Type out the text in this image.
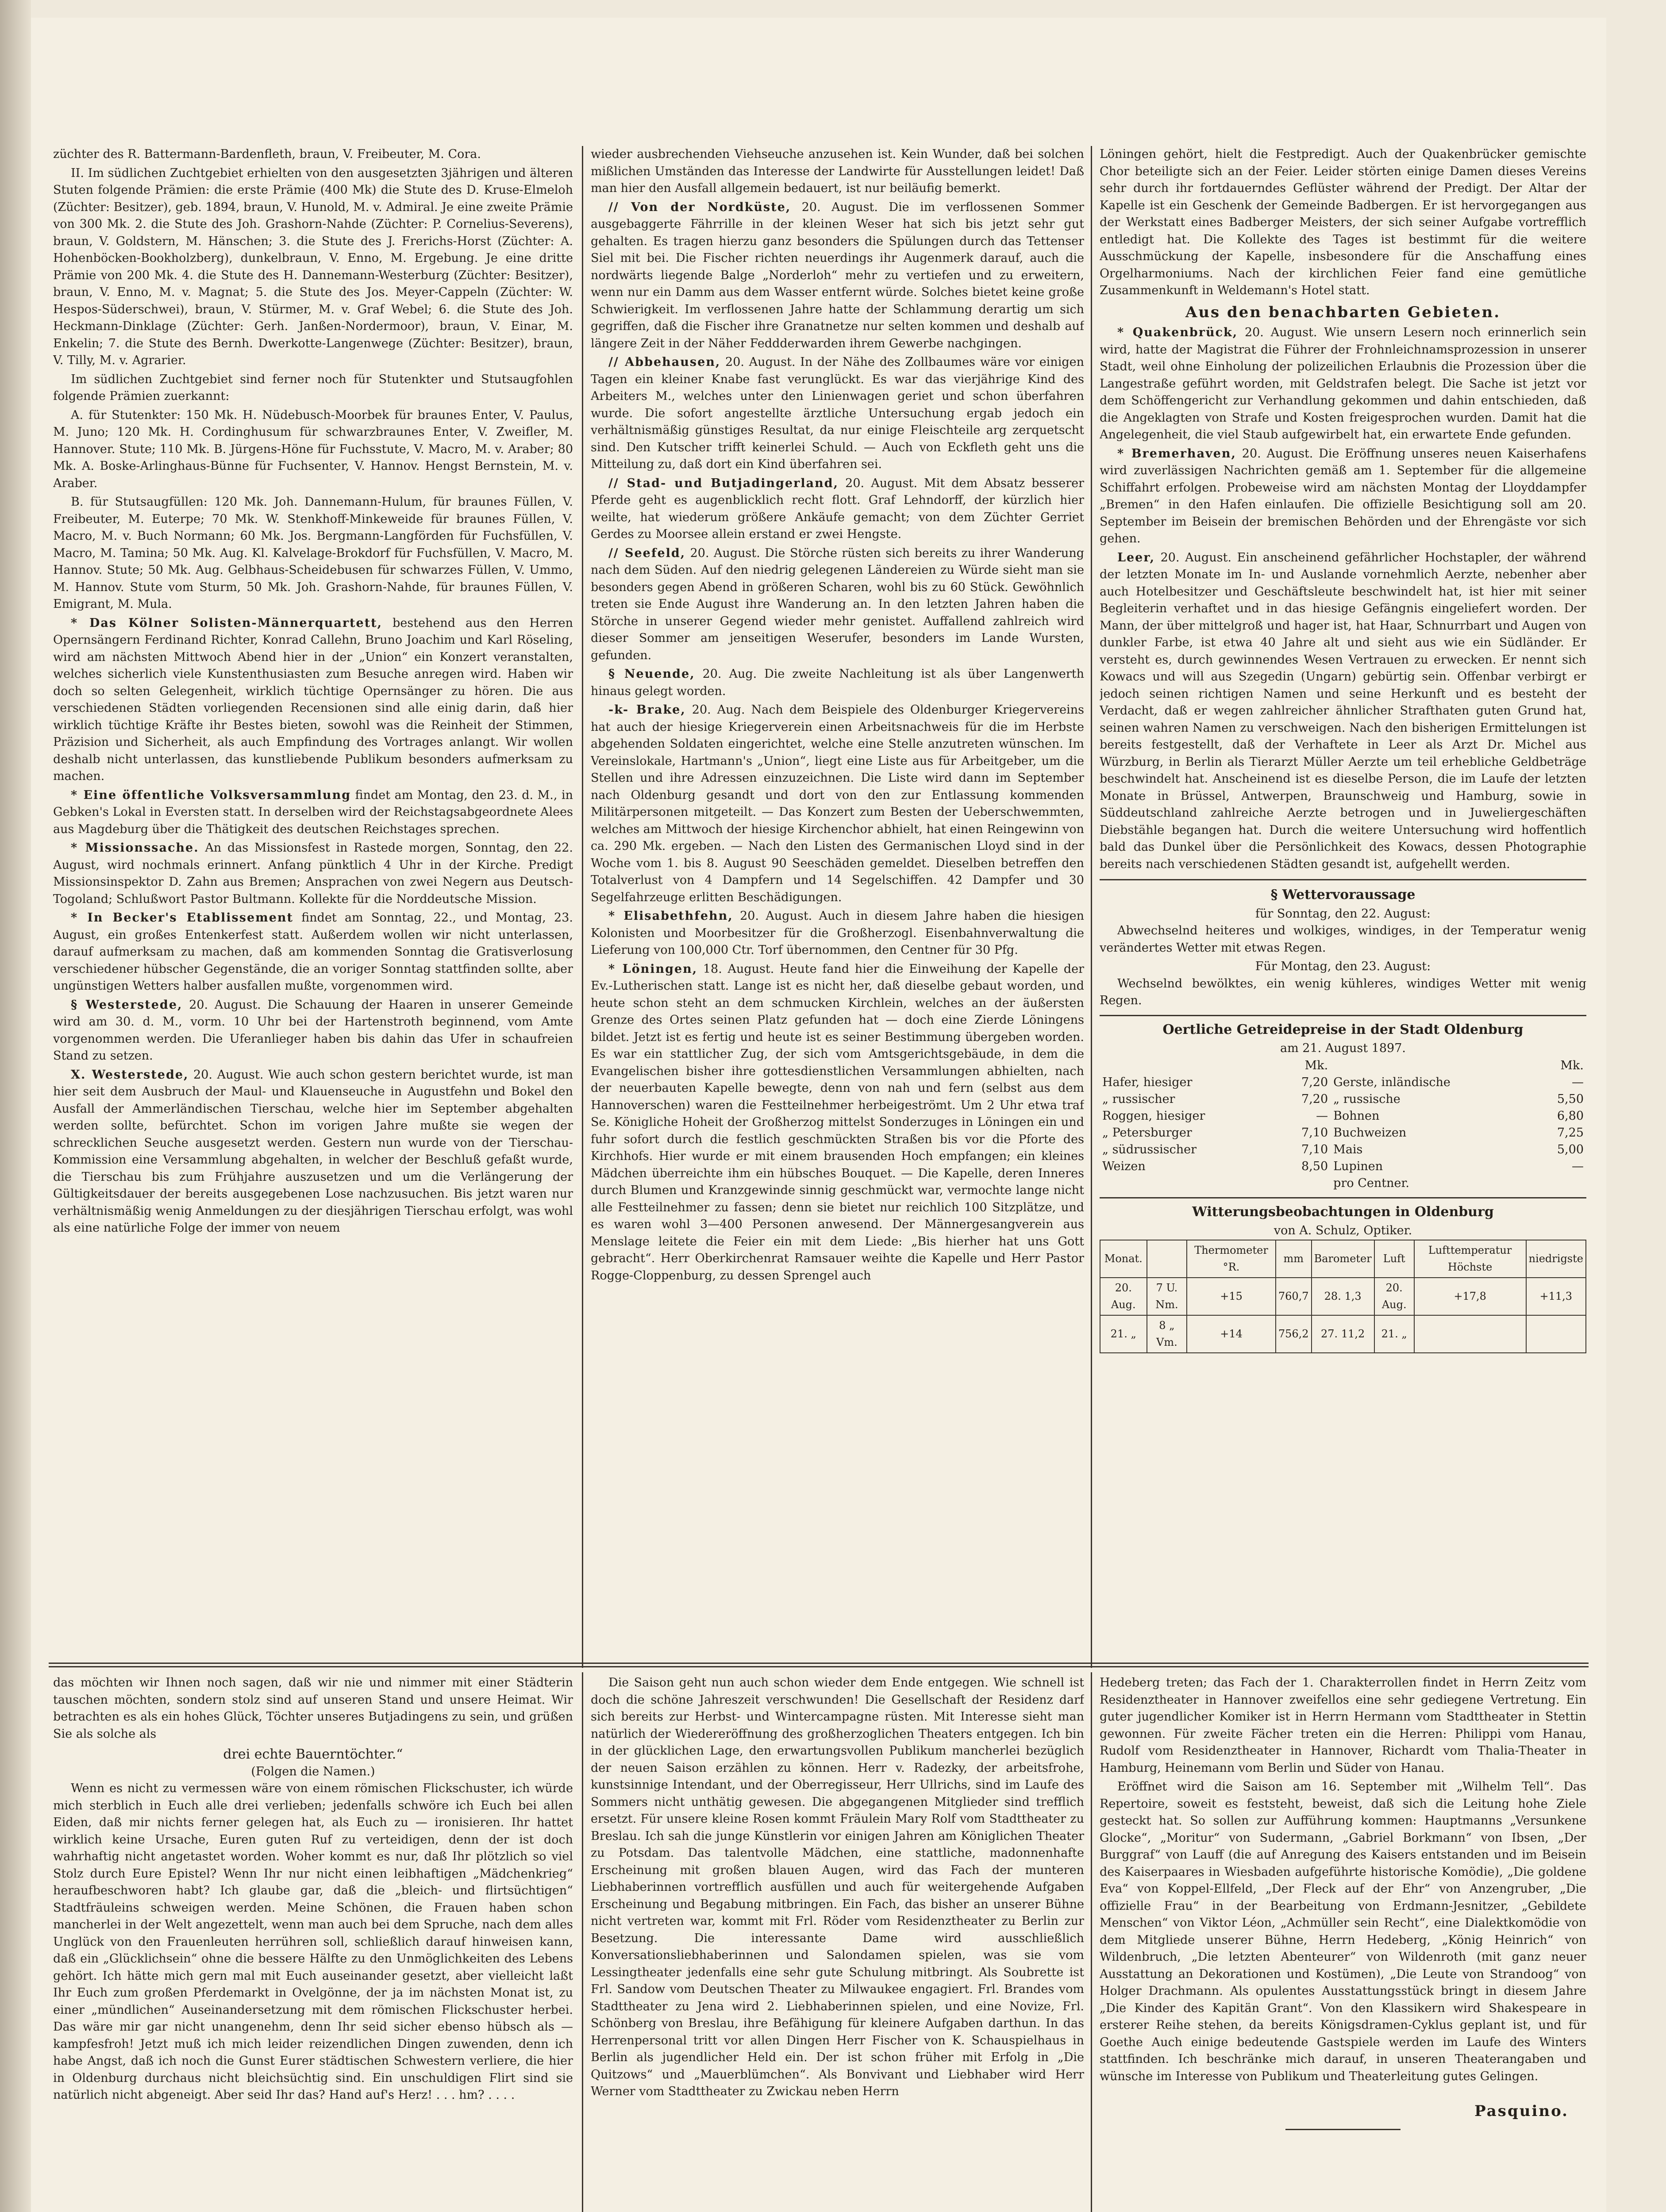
züchter des R. Battermann-Bardenfleth, braun, V. Freibeuter, M. Cora.

II. Im südlichen Zuchtgebiet erhielten von den ausgesetzten 3jährigen und älteren Stuten folgende Prämien: die erste Prämie (400 Mk) die Stute des D. Kruse-Elmeloh (Züchter: Besitzer), geb. 1894, braun, V. Hunold, M. v. Admiral. Je eine zweite Prämie von 300 Mk. 2. die Stute des Joh. Grashorn-Nahde (Züchter: P. Cornelius-Severens), braun, V. Goldstern, M. Hänschen; 3. die Stute des J. Frerichs-Horst (Züchter: A. Hohenböcken-Bookholzberg), dunkelbraun, V. Enno, M. Ergebung. Je eine dritte Prämie von 200 Mk. 4. die Stute des H. Dannemann-Westerburg (Züchter: Besitzer), braun, V. Enno, M. v. Magnat; 5. die Stute des Jos. Meyer-Cappeln (Züchter: W. Hespos-Süderschwei), braun, V. Stürmer, M. v. Graf Webel; 6. die Stute des Joh. Heckmann-Dinklage (Züchter: Gerh. Janßen-Nordermoor), braun, V. Einar, M. Enkelin; 7. die Stute des Bernh. Dwerkotte-Langenwege (Züchter: Besitzer), braun, V. Tilly, M. v. Agrarier.

Im südlichen Zuchtgebiet sind ferner noch für Stutenkter und Stutsaugfohlen folgende Prämien zuerkannt:

A. für Stutenkter: 150 Mk. H. Nüdebusch-Moorbek für braunes Enter, V. Paulus, M. Juno; 120 Mk. H. Cordinghusum für schwarzbraunes Enter, V. Zweifler, M. Hannover. Stute; 110 Mk. B. Jürgens-Höne für Fuchsstute, V. Macro, M. v. Araber; 80 Mk. A. Boske-Arlinghaus-Bünne für Fuchsenter, V. Hannov. Hengst Bernstein, M. v. Araber.

B. für Stutsaugfüllen: 120 Mk. Joh. Dannemann-Hulum, für braunes Füllen, V. Freibeuter, M. Euterpe; 70 Mk. W. Stenkhoff-Minkeweide für braunes Füllen, V. Macro, M. v. Buch Normann; 60 Mk. Jos. Bergmann-Langförden für Fuchsfüllen, V. Macro, M. Tamina; 50 Mk. Aug. Kl. Kalvelage-Brokdorf für Fuchsfüllen, V. Macro, M. Hannov. Stute; 50 Mk. Aug. Gelbhaus-Scheidebusen für schwarzes Füllen, V. Ummo, M. Hannov. Stute vom Sturm, 50 Mk. Joh. Grashorn-Nahde, für braunes Füllen, V. Emigrant, M. Mula.

* Das Kölner Solisten-Männerquartett, bestehend aus den Herren Opernsängern Ferdinand Richter, Konrad Callehn, Bruno Joachim und Karl Röseling, wird am nächsten Mittwoch Abend hier in der „Union“ ein Konzert veranstalten, welches sicherlich viele Kunstenthusiasten zum Besuche anregen wird. Haben wir doch so selten Gelegenheit, wirklich tüchtige Opernsänger zu hören. Die aus verschiedenen Städten vorliegenden Recensionen sind alle einig darin, daß hier wirklich tüchtige Kräfte ihr Bestes bieten, sowohl was die Reinheit der Stimmen, Präzision und Sicherheit, als auch Empfindung des Vortrages anlangt. Wir wollen deshalb nicht unterlassen, das kunstliebende Publikum besonders aufmerksam zu machen.

* Eine öffentliche Volksversammlung findet am Montag, den 23. d. M., in Gebken's Lokal in Eversten statt. In derselben wird der Reichstagsabgeordnete Alees aus Magdeburg über die Thätigkeit des deutschen Reichstages sprechen.

* Missionssache. An das Missionsfest in Rastede morgen, Sonntag, den 22. August, wird nochmals erinnert. Anfang pünktlich 4 Uhr in der Kirche. Predigt Missionsinspektor D. Zahn aus Bremen; Ansprachen von zwei Negern aus Deutsch-Togoland; Schlußwort Pastor Bultmann. Kollekte für die Norddeutsche Mission.

* In Becker's Etablissement findet am Sonntag, 22., und Montag, 23. August, ein großes Entenkerfest statt. Außerdem wollen wir nicht unterlassen, darauf aufmerksam zu machen, daß am kommenden Sonntag die Gratisverlosung verschiedener hübscher Gegenstände, die an voriger Sonntag stattfinden sollte, aber ungünstigen Wetters halber ausfallen mußte, vorgenommen wird.

§ Westerstede, 20. August. Die Schauung der Haaren in unserer Gemeinde wird am 30. d. M., vorm. 10 Uhr bei der Hartenstroth beginnend, vom Amte vorgenommen werden. Die Uferanlieger haben bis dahin das Ufer in schaufreien Stand zu setzen.

X. Westerstede, 20. August. Wie auch schon gestern berichtet wurde, ist man hier seit dem Ausbruch der Maul- und Klauenseuche in Augustfehn und Bokel den Ausfall der Ammerländischen Tierschau, welche hier im September abgehalten werden sollte, befürchtet. Schon im vorigen Jahre mußte sie wegen der schrecklichen Seuche ausgesetzt werden. Gestern nun wurde von der Tierschau-Kommission eine Versammlung abgehalten, in welcher der Beschluß gefaßt wurde, die Tierschau bis zum Frühjahre auszusetzen und um die Verlängerung der Gültigkeitsdauer der bereits ausgegebenen Lose nachzusuchen. Bis jetzt waren nur verhältnismäßig wenig Anmeldungen zu der diesjährigen Tierschau erfolgt, was wohl als eine natürliche Folge der immer von neuem

wieder ausbrechenden Viehseuche anzusehen ist. Kein Wunder, daß bei solchen mißlichen Umständen das Interesse der Landwirte für Ausstellungen leidet! Daß man hier den Ausfall allgemein bedauert, ist nur beiläufig bemerkt.

// Von der Nordküste, 20. August. Die im verflossenen Sommer ausgebaggerte Fährrille in der kleinen Weser hat sich bis jetzt sehr gut gehalten. Es tragen hierzu ganz besonders die Spülungen durch das Tettenser Siel mit bei. Die Fischer richten neuerdings ihr Augenmerk darauf, auch die nordwärts liegende Balge „Norderloh“ mehr zu vertiefen und zu erweitern, wenn nur ein Damm aus dem Wasser entfernt würde. Solches bietet keine große Schwierigkeit. Im verflossenen Jahre hatte der Schlammung derartig um sich gegriffen, daß die Fischer ihre Granatnetze nur selten kommen und deshalb auf längere Zeit in der Näher Feddderwarden ihrem Gewerbe nachgingen.

// Abbehausen, 20. August. In der Nähe des Zollbaumes wäre vor einigen Tagen ein kleiner Knabe fast verunglückt. Es war das vierjährige Kind des Arbeiters M., welches unter den Linienwagen geriet und schon überfahren wurde. Die sofort angestellte ärztliche Untersuchung ergab jedoch ein verhältnismäßig günstiges Resultat, da nur einige Fleischteile arg zerquetscht sind. Den Kutscher trifft keinerlei Schuld. — Auch von Eckfleth geht uns die Mitteilung zu, daß dort ein Kind überfahren sei.

// Stad- und Butjadingerland, 20. August. Mit dem Absatz besserer Pferde geht es augenblicklich recht flott. Graf Lehndorff, der kürzlich hier weilte, hat wiederum größere Ankäufe gemacht; von dem Züchter Gerriet Gerdes zu Moorsee allein erstand er zwei Hengste.

// Seefeld, 20. August. Die Störche rüsten sich bereits zu ihrer Wanderung nach dem Süden. Auf den niedrig gelegenen Ländereien zu Würde sieht man sie besonders gegen Abend in größeren Scharen, wohl bis zu 60 Stück. Gewöhnlich treten sie Ende August ihre Wanderung an. In den letzten Jahren haben die Störche in unserer Gegend wieder mehr genistet. Auffallend zahlreich wird dieser Sommer am jenseitigen Weserufer, besonders im Lande Wursten, gefunden.

§ Neuende, 20. Aug. Die zweite Nachleitung ist als über Langenwerth hinaus gelegt worden.

-k- Brake, 20. Aug. Nach dem Beispiele des Oldenburger Kriegervereins hat auch der hiesige Kriegerverein einen Arbeitsnachweis für die im Herbste abgehenden Soldaten eingerichtet, welche eine Stelle anzutreten wünschen. Im Vereinslokale, Hartmann's „Union“, liegt eine Liste aus für Arbeitgeber, um die Stellen und ihre Adressen einzuzeichnen. Die Liste wird dann im September nach Oldenburg gesandt und dort von den zur Entlassung kommenden Militärpersonen mitgeteilt. — Das Konzert zum Besten der Ueberschwemmten, welches am Mittwoch der hiesige Kirchenchor abhielt, hat einen Reingewinn von ca. 290 Mk. ergeben. — Nach den Listen des Germanischen Lloyd sind in der Woche vom 1. bis 8. August 90 Seeschäden gemeldet. Dieselben betreffen den Totalverlust von 4 Dampfern und 14 Segelschiffen. 42 Dampfer und 30 Segelfahrzeuge erlitten Beschädigungen.

* Elisabethfehn, 20. August. Auch in diesem Jahre haben die hiesigen Kolonisten und Moorbesitzer für die Großherzogl. Eisenbahnverwaltung die Lieferung von 100,000 Ctr. Torf übernommen, den Centner für 30 Pfg.

* Löningen, 18. August. Heute fand hier die Einweihung der Kapelle der Ev.-Lutherischen statt. Lange ist es nicht her, daß dieselbe gebaut worden, und heute schon steht an dem schmucken Kirchlein, welches an der äußersten Grenze des Ortes seinen Platz gefunden hat — doch eine Zierde Löningens bildet. Jetzt ist es fertig und heute ist es seiner Bestimmung übergeben worden. Es war ein stattlicher Zug, der sich vom Amtsgerichtsgebäude, in dem die Evangelischen bisher ihre gottesdienstlichen Versammlungen abhielten, nach der neuerbauten Kapelle bewegte, denn von nah und fern (selbst aus dem Hannoverschen) waren die Festteilnehmer herbeigeströmt. Um 2 Uhr etwa traf Se. Königliche Hoheit der Großherzog mittelst Sonderzuges in Löningen ein und fuhr sofort durch die festlich geschmückten Straßen bis vor die Pforte des Kirchhofs. Hier wurde er mit einem brausenden Hoch empfangen; ein kleines Mädchen überreichte ihm ein hübsches Bouquet. — Die Kapelle, deren Inneres durch Blumen und Kranzgewinde sinnig geschmückt war, vermochte lange nicht alle Festteilnehmer zu fassen; denn sie bietet nur reichlich 100 Sitzplätze, und es waren wohl 3—400 Personen anwesend. Der Männergesangverein aus Menslage leitete die Feier ein mit dem Liede: „Bis hierher hat uns Gott gebracht“. Herr Oberkirchenrat Ramsauer weihte die Kapelle und Herr Pastor Rogge-Cloppenburg, zu dessen Sprengel auch

Löningen gehört, hielt die Festpredigt. Auch der Quakenbrücker gemischte Chor beteiligte sich an der Feier. Leider störten einige Damen dieses Vereins sehr durch ihr fortdauerndes Geflüster während der Predigt. Der Altar der Kapelle ist ein Geschenk der Gemeinde Badbergen. Er ist hervorgegangen aus der Werkstatt eines Badberger Meisters, der sich seiner Aufgabe vortrefflich entledigt hat. Die Kollekte des Tages ist bestimmt für die weitere Ausschmückung der Kapelle, insbesondere für die Anschaffung eines Orgelharmoniums. Nach der kirchlichen Feier fand eine gemütliche Zusammenkunft in Weldemann's Hotel statt.

Aus den benachbarten Gebieten.

* Quakenbrück, 20. August. Wie unsern Lesern noch erinnerlich sein wird, hatte der Magistrat die Führer der Frohnleichnamsprozession in unserer Stadt, weil ohne Einholung der polizeilichen Erlaubnis die Prozession über die Langestraße geführt worden, mit Geldstrafen belegt. Die Sache ist jetzt vor dem Schöffengericht zur Verhandlung gekommen und dahin entschieden, daß die Angeklagten von Strafe und Kosten freigesprochen wurden. Damit hat die Angelegenheit, die viel Staub aufgewirbelt hat, ein erwartete Ende gefunden.

* Bremerhaven, 20. August. Die Eröffnung unseres neuen Kaiserhafens wird zuverlässigen Nachrichten gemäß am 1. September für die allgemeine Schiffahrt erfolgen. Probeweise wird am nächsten Montag der Lloyddampfer „Bremen“ in den Hafen einlaufen. Die offizielle Besichtigung soll am 20. September im Beisein der bremischen Behörden und der Ehrengäste vor sich gehen.

Leer, 20. August. Ein anscheinend gefährlicher Hochstapler, der während der letzten Monate im In- und Auslande vornehmlich Aerzte, nebenher aber auch Hotelbesitzer und Geschäftsleute beschwindelt hat, ist hier mit seiner Begleiterin verhaftet und in das hiesige Gefängnis eingeliefert worden. Der Mann, der über mittelgroß und hager ist, hat Haar, Schnurrbart und Augen von dunkler Farbe, ist etwa 40 Jahre alt und sieht aus wie ein Südländer. Er versteht es, durch gewinnendes Wesen Vertrauen zu erwecken. Er nennt sich Kowacs und will aus Szegedin (Ungarn) gebürtig sein. Offenbar verbirgt er jedoch seinen richtigen Namen und seine Herkunft und es besteht der Verdacht, daß er wegen zahlreicher ähnlicher Strafthaten guten Grund hat, seinen wahren Namen zu verschweigen. Nach den bisherigen Ermittelungen ist bereits festgestellt, daß der Verhaftete in Leer als Arzt Dr. Michel aus Würzburg, in Berlin als Tierarzt Müller Aerzte um teil erhebliche Geldbeträge beschwindelt hat. Anscheinend ist es dieselbe Person, die im Laufe der letzten Monate in Brüssel, Antwerpen, Braunschweig und Hamburg, sowie in Süddeutschland zahlreiche Aerzte betrogen und in Juweliergeschäften Diebstähle begangen hat. Durch die weitere Untersuchung wird hoffentlich bald das Dunkel über die Persönlichkeit des Kowacs, dessen Photographie bereits nach verschiedenen Städten gesandt ist, aufgehellt werden.

§ Wettervoraussage
für Sonntag, den 22. August:

Abwechselnd heiteres und wolkiges, windiges, in der Temperatur wenig verändertes Wetter mit etwas Regen.

Für Montag, den 23. August:

Wechselnd bewölktes, ein wenig kühleres, windiges Wetter mit wenig Regen.

Oertliche Getreidepreise in der Stadt Oldenburg
am 21. August 1897.
	Mk.		Mk.
Hafer, hiesiger	7,20	Gerste, inländische	—
„ russischer	7,20	„ russische	5,50
Roggen, hiesiger	—	Bohnen	6,80
„ Petersburger	7,10	Buchweizen	7,25
„ südrussischer	7,10	Mais	5,00
Weizen	8,50	Lupinen	—
		pro Centner.	
Witterungsbeobachtungen in Oldenburg
von A. Schulz, Optiker.
Monat.		Thermometer °R.	mm	Barometer	Luft	Lufttemperatur Höchste	niedrigste
20. Aug.	7 U. Nm.	+15	760,7	28. 1,3	20. Aug.	+17,8	+11,3
21. „	8 „ Vm.	+14	756,2	27. 11,2	21. „		

das möchten wir Ihnen noch sagen, daß wir nie und nimmer mit einer Städterin tauschen möchten, sondern stolz sind auf unseren Stand und unsere Heimat. Wir betrachten es als ein hohes Glück, Töchter unseres Butjadingens zu sein, und grüßen Sie als solche als

drei echte Bauerntöchter.“
(Folgen die Namen.)

Wenn es nicht zu vermessen wäre von einem römischen Flickschuster, ich würde mich sterblich in Euch alle drei verlieben; jedenfalls schwöre ich Euch bei allen Eiden, daß mir nichts ferner gelegen hat, als Euch zu — ironisieren. Ihr hattet wirklich keine Ursache, Euren guten Ruf zu verteidigen, denn der ist doch wahrhaftig nicht angetastet worden. Woher kommt es nur, daß Ihr plötzlich so viel Stolz durch Eure Epistel? Wenn Ihr nur nicht einen leibhaftigen „Mädchenkrieg“ heraufbeschworen habt? Ich glaube gar, daß die „bleich- und flirtsüchtigen“ Stadtfräuleins schweigen werden. Meine Schönen, die Frauen haben schon mancherlei in der Welt angezettelt, wenn man auch bei dem Spruche, nach dem alles Unglück von den Frauenleuten herrühren soll, schließlich darauf hinweisen kann, daß ein „Glücklichsein“ ohne die bessere Hälfte zu den Unmöglichkeiten des Lebens gehört. Ich hätte mich gern mal mit Euch auseinander gesetzt, aber vielleicht laßt Ihr Euch zum großen Pferdemarkt in Ovelgönne, der ja im nächsten Monat ist, zu einer „mündlichen“ Auseinandersetzung mit dem römischen Flickschuster herbei. Das wäre mir gar nicht unangenehm, denn Ihr seid sicher ebenso hübsch als — kampfesfroh! Jetzt muß ich mich leider reizendlichen Dingen zuwenden, denn ich habe Angst, daß ich noch die Gunst Eurer städtischen Schwestern verliere, die hier in Oldenburg durchaus nicht bleichsüchtig sind. Ein unschuldigen Flirt sind sie natürlich nicht abgeneigt. Aber seid Ihr das? Hand auf's Herz! . . . hm? . . . .

Die Saison geht nun auch schon wieder dem Ende entgegen. Wie schnell ist doch die schöne Jahreszeit verschwunden! Die Gesellschaft der Residenz darf sich bereits zur Herbst- und Wintercampagne rüsten. Mit Interesse sieht man natürlich der Wiedereröffnung des großherzoglichen Theaters entgegen. Ich bin in der glücklichen Lage, den erwartungsvollen Publikum mancherlei bezüglich der neuen Saison erzählen zu können. Herr v. Radezky, der arbeitsfrohe, kunstsinnige Intendant, und der Oberregisseur, Herr Ullrichs, sind im Laufe des Sommers nicht unthätig gewesen. Die abgegangenen Mitglieder sind trefflich ersetzt. Für unsere kleine Rosen kommt Fräulein Mary Rolf vom Stadttheater zu Breslau. Ich sah die junge Künstlerin vor einigen Jahren am Königlichen Theater zu Potsdam. Das talentvolle Mädchen, eine stattliche, madonnenhafte Erscheinung mit großen blauen Augen, wird das Fach der munteren Liebhaberinnen vortrefflich ausfüllen und auch für weitergehende Aufgaben Erscheinung und Begabung mitbringen. Ein Fach, das bisher an unserer Bühne nicht vertreten war, kommt mit Frl. Röder vom Residenztheater zu Berlin zur Besetzung. Die interessante Dame wird ausschließlich Konversationsliebhaberinnen und Salondamen spielen, was sie vom Lessingtheater jedenfalls eine sehr gute Schulung mitbringt. Als Soubrette ist Frl. Sandow vom Deutschen Theater zu Milwaukee engagiert. Frl. Brandes vom Stadttheater zu Jena wird 2. Liebhaberinnen spielen, und eine Novize, Frl. Schönberg von Breslau, ihre Befähigung für kleinere Aufgaben darthun. In das Herrenpersonal tritt vor allen Dingen Herr Fischer von K. Schauspielhaus in Berlin als jugendlicher Held ein. Der ist schon früher mit Erfolg in „Die Quitzows“ und „Mauerblümchen“. Als Bonvivant und Liebhaber wird Herr Werner vom Stadttheater zu Zwickau neben Herrn

Hedeberg treten; das Fach der 1. Charakterrollen findet in Herrn Zeitz vom Residenztheater in Hannover zweifellos eine sehr gediegene Vertretung. Ein guter jugendlicher Komiker ist in Herrn Hermann vom Stadttheater in Stettin gewonnen. Für zweite Fächer treten ein die Herren: Philippi vom Hanau, Rudolf vom Residenztheater in Hannover, Richardt vom Thalia-Theater in Hamburg, Heinemann vom Berlin und Süder von Hanau.

Eröffnet wird die Saison am 16. September mit „Wilhelm Tell“. Das Repertoire, soweit es feststeht, beweist, daß sich die Leitung hohe Ziele gesteckt hat. So sollen zur Aufführung kommen: Hauptmanns „Versunkene Glocke“, „Moritur“ von Sudermann, „Gabriel Borkmann“ von Ibsen, „Der Burggraf“ von Lauff (die auf Anregung des Kaisers entstanden und im Beisein des Kaiserpaares in Wiesbaden aufgeführte historische Komödie), „Die goldene Eva“ von Koppel-Ellfeld, „Der Fleck auf der Ehr“ von Anzengruber, „Die offizielle Frau“ in der Bearbeitung von Erdmann-Jesnitzer, „Gebildete Menschen“ von Viktor Léon, „Achmüller sein Recht“, eine Dialektkomödie von dem Mitgliede unserer Bühne, Herrn Hedeberg, „König Heinrich“ von Wildenbruch, „Die letzten Abenteurer“ von Wildenroth (mit ganz neuer Ausstattung an Dekorationen und Kostümen), „Die Leute von Strandoog“ von Holger Drachmann. Als opulentes Ausstattungsstück bringt in diesem Jahre „Die Kinder des Kapitän Grant“. Von den Klassikern wird Shakespeare in ersterer Reihe stehen, da bereits Königsdramen-Cyklus geplant ist, und für Goethe Auch einige bedeutende Gastspiele werden im Laufe des Winters stattfinden. Ich beschränke mich darauf, in unseren Theaterangaben und wünsche im Interesse von Publikum und Theaterleitung gutes Gelingen.

Pasquino.
